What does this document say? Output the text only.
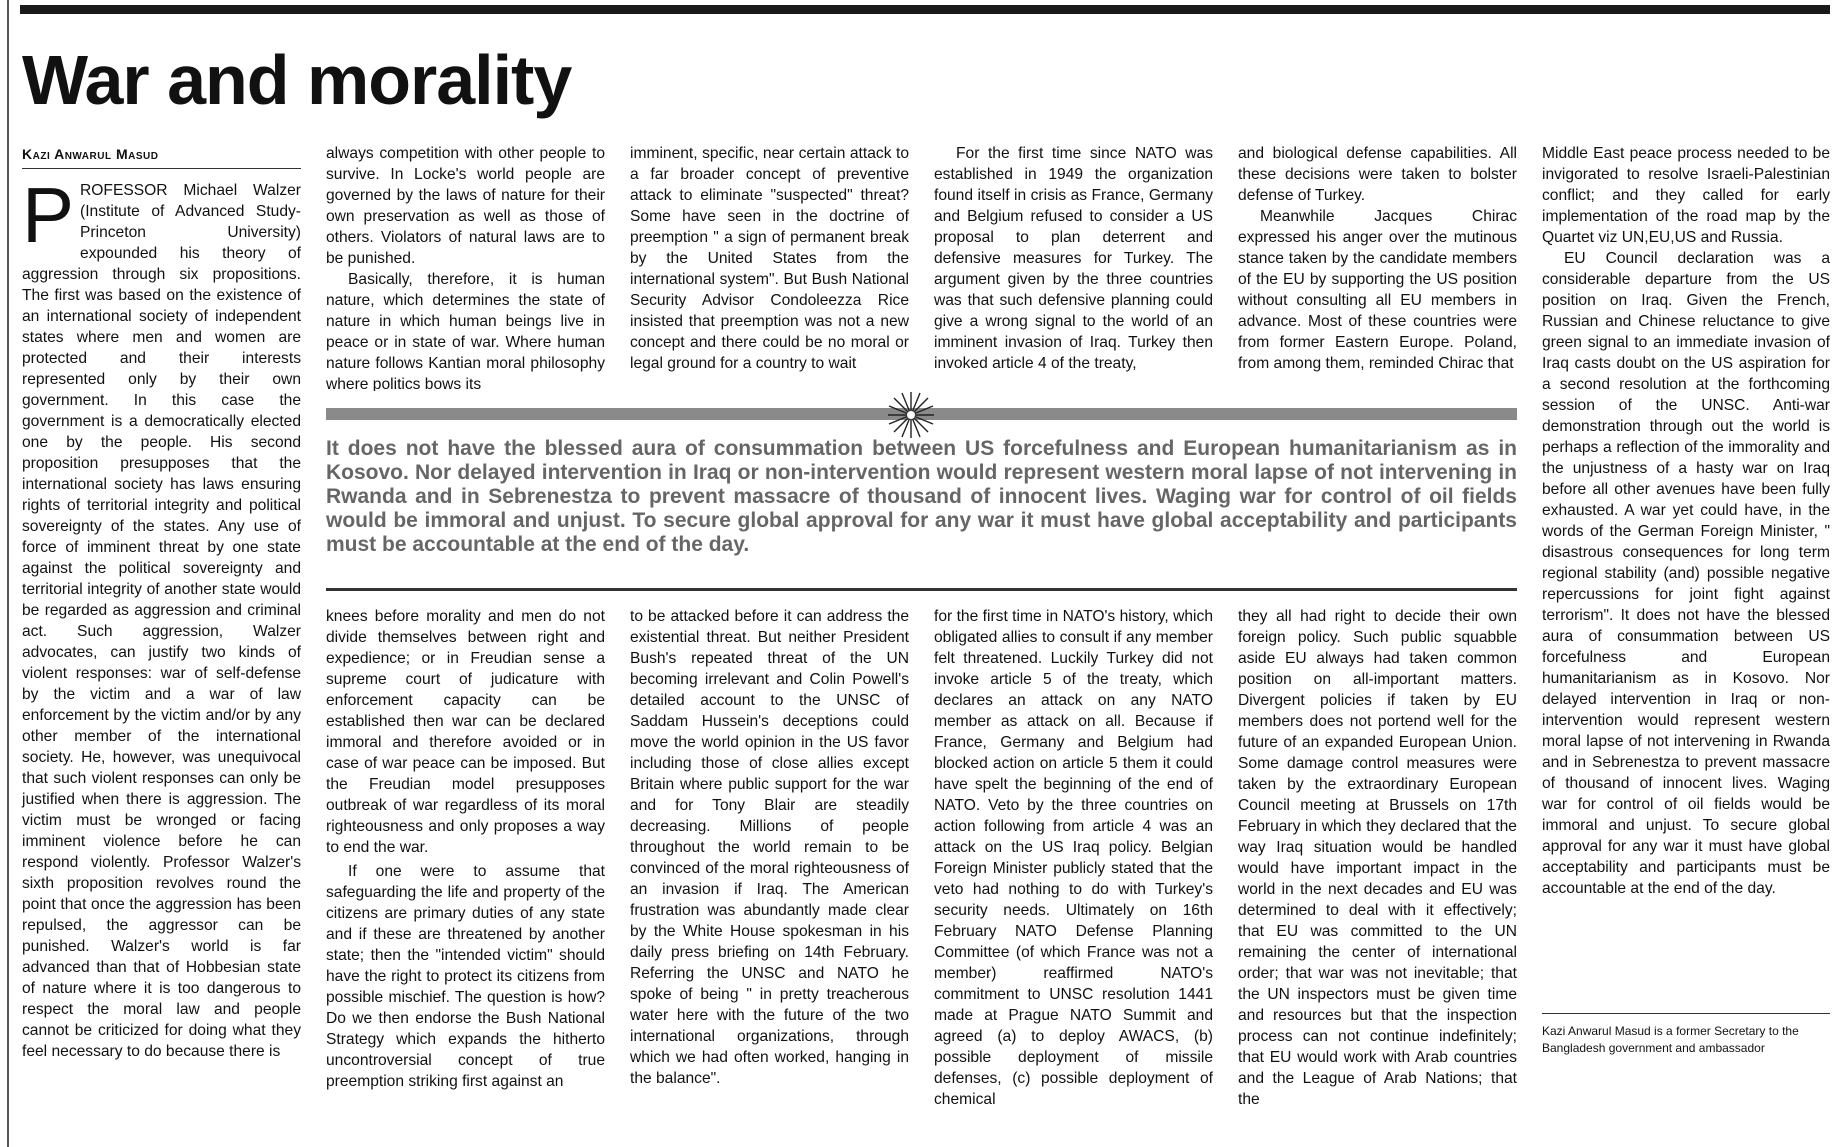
War and morality
Kazi Anwarul Masud
P ROFESSOR Michael Walzer (Institute of Advanced Study-Princeton University) expounded his theory of aggression through six propositions. The first was based on the existence of an international society of independent states where men and women are protected and their interests represented only by their own government. In this case the government is a democratically elected one by the people. His second proposition presupposes that the international society has laws ensuring rights of territorial integrity and political sovereignty of the states. Any use of force of imminent threat by one state against the political sovereignty and territorial integrity of another state would be regarded as aggression and criminal act. Such aggression, Walzer advocates, can justify two kinds of violent responses: war of self-defense by the victim and a war of law enforcement by the victim and/or by any other member of the international society. He, however, was unequivocal that such violent responses can only be justified when there is aggression. The victim must be wronged or facing imminent violence before he can respond violently. Professor Walzer's sixth proposition revolves round the point that once the aggression has been repulsed, the aggressor can be punished. Walzer's world is far advanced than that of Hobbesian state of nature where it is too dangerous to respect the moral law and people cannot be criticized for doing what they feel necessary to do because there is

always competition with other people to survive. In Locke's world people are governed by the laws of nature for their own preservation as well as those of others. Violators of natural laws are to be punished.

Basically, therefore, it is human nature, which determines the state of nature in which human beings live in peace or in state of war. Where human nature follows Kantian moral philosophy where politics bows its

imminent, specific, near certain attack to a far broader concept of preventive attack to eliminate "suspected" threat? Some have seen in the doctrine of preemption " a sign of permanent break by the United States from the international system". But Bush National Security Advisor Condoleezza Rice insisted that preemption was not a new concept and there could be no moral or legal ground for a country to wait

For the first time since NATO was established in 1949 the organization found itself in crisis as France, Germany and Belgium refused to consider a US proposal to plan deterrent and defensive measures for Turkey. The argument given by the three countries was that such defensive planning could give a wrong signal to the world of an imminent invasion of Iraq. Turkey then invoked article 4 of the treaty,

and biological defense capabilities. All these decisions were taken to bolster defense of Turkey.

Meanwhile Jacques Chirac expressed his anger over the mutinous stance taken by the candidate members of the EU by supporting the US position without consulting all EU members in advance. Most of these countries were from former Eastern Europe. Poland, from among them, reminded Chirac that

It does not have the blessed aura of consummation between US forcefulness and European humanitarianism as in Kosovo. Nor delayed intervention in Iraq or non-intervention would represent western moral lapse of not intervening in Rwanda and in Sebrenestza to prevent massacre of thousand of innocent lives. Waging war for control of oil fields would be immoral and unjust. To secure global approval for any war it must have global acceptability and participants must be accountable at the end of the day.

knees before morality and men do not divide themselves between right and expedience; or in Freudian sense a supreme court of judicature with enforcement capacity can be established then war can be declared immoral and therefore avoided or in case of war peace can be imposed. But the Freudian model presupposes outbreak of war regardless of its moral righteousness and only proposes a way to end the war.

If one were to assume that safeguarding the life and property of the citizens are primary duties of any state and if these are threatened by another state; then the "intended victim" should have the right to protect its citizens from possible mischief. The question is how? Do we then endorse the Bush National Strategy which expands the hitherto uncontroversial concept of true preemption striking first against an

to be attacked before it can address the existential threat. But neither President Bush's repeated threat of the UN becoming irrelevant and Colin Powell's detailed account to the UNSC of Saddam Hussein's deceptions could move the world opinion in the US favor including those of close allies except Britain where public support for the war and for Tony Blair are steadily decreasing. Millions of people throughout the world remain to be convinced of the moral righteousness of an invasion if Iraq. The American frustration was abundantly made clear by the White House spokesman in his daily press briefing on 14th February. Referring the UNSC and NATO he spoke of being " in pretty treacherous water here with the future of the two international organizations, through which we had often worked, hanging in the balance".

for the first time in NATO's history, which obligated allies to consult if any member felt threatened. Luckily Turkey did not invoke article 5 of the treaty, which declares an attack on any NATO member as attack on all. Because if France, Germany and Belgium had blocked action on article 5 them it could have spelt the beginning of the end of NATO. Veto by the three countries on action following from article 4 was an attack on the US Iraq policy. Belgian Foreign Minister publicly stated that the veto had nothing to do with Turkey's security needs. Ultimately on 16th February NATO Defense Planning Committee (of which France was not a member) reaffirmed NATO's commitment to UNSC resolution 1441 made at Prague NATO Summit and agreed (a) to deploy AWACS, (b) possible deployment of missile defenses, (c) possible deployment of chemical

they all had right to decide their own foreign policy. Such public squabble aside EU always had taken common position on all-important matters. Divergent policies if taken by EU members does not portend well for the future of an expanded European Union. Some damage control measures were taken by the extraordinary European Council meeting at Brussels on 17th February in which they declared that the way Iraq situation would be handled would have important impact in the world in the next decades and EU was determined to deal with it effectively; that EU was committed to the UN remaining the center of international order; that war was not inevitable; that the UN inspectors must be given time and resources but that the inspection process can not continue indefinitely; that EU would work with Arab countries and the League of Arab Nations; that the

Middle East peace process needed to be invigorated to resolve Israeli-Palestinian conflict; and they called for early implementation of the road map by the Quartet viz UN,EU,US and Russia.

EU Council declaration was a considerable departure from the US position on Iraq. Given the French, Russian and Chinese reluctance to give green signal to an immediate invasion of Iraq casts doubt on the US aspiration for a second resolution at the forthcoming session of the UNSC. Anti-war demonstration through out the world is perhaps a reflection of the immorality and the unjustness of a hasty war on Iraq before all other avenues have been fully exhausted. A war yet could have, in the words of the German Foreign Minister, " disastrous consequences for long term regional stability (and) possible negative repercussions for joint fight against terrorism". It does not have the blessed aura of consummation between US forcefulness and European humanitarianism as in Kosovo. Nor delayed intervention in Iraq or non-intervention would represent western moral lapse of not intervening in Rwanda and in Sebrenestza to prevent massacre of thousand of innocent lives. Waging war for control of oil fields would be immoral and unjust. To secure global approval for any war it must have global acceptability and participants must be accountable at the end of the day.

Kazi Anwarul Masud is a former Secretary to the Bangladesh government and ambassador
